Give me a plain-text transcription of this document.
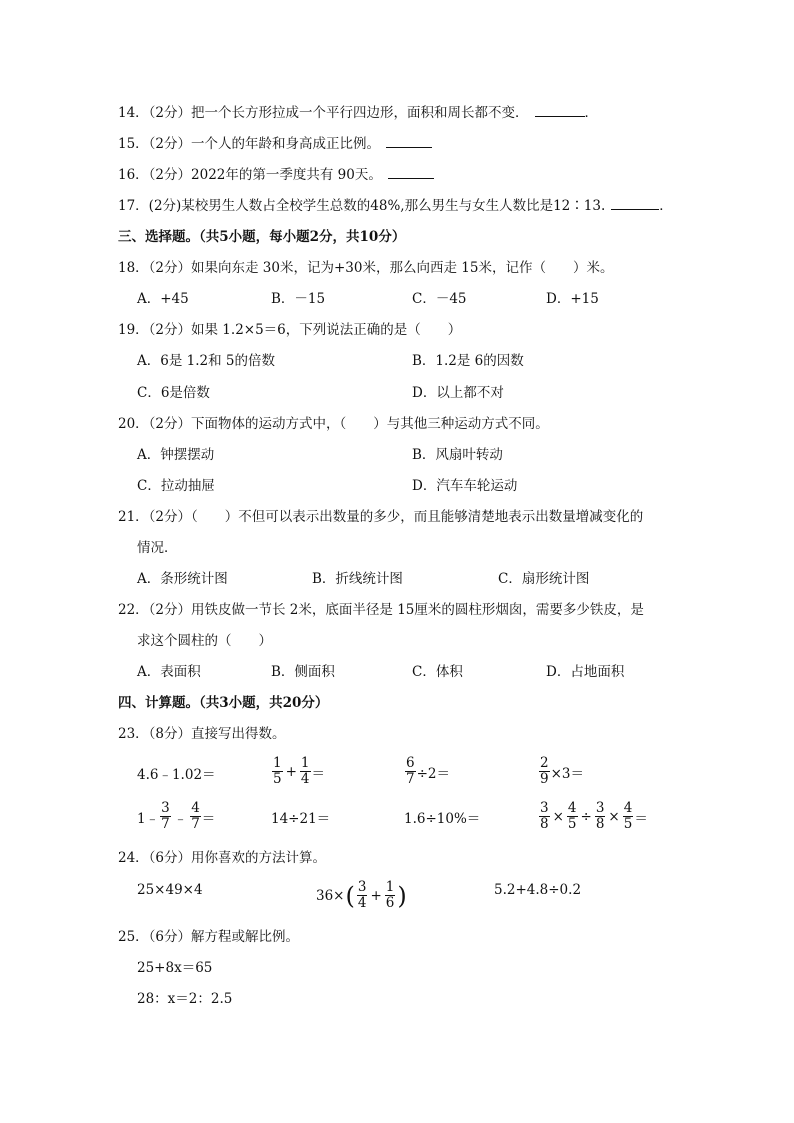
14．（2分）把一个长方形拉成一个平行四边形，面积和周长都不变．	．
15．（2分）一个人的年龄和身高成正比例。
16．（2分）2022年的第一季度共有 90天。
17．(2分)某校男生人数占全校学生总数的48%,那么男生与女生人数比是12∶13.	．
三、选择题。（共5小题，每小题2分，共10分）
18．（2分）如果向东走 30米，记为+30米，那么向西走 15米，记作（　　）米。
A．+45	B．－15	C．－45	D．+15
19．（2分）如果 1.2×5＝6，下列说法正确的是（　　）
A．6是 1.2和 5的倍数	B．1.2是 6的因数
C．6是倍数	D．以上都不对
20．（2分）下面物体的运动方式中，（　　）与其他三种运动方式不同。
A．钟摆摆动	B．风扇叶转动
C．拉动抽屉	D．汽车车轮运动
21．（2分）（　　）不但可以表示出数量的多少，而且能够清楚地表示出数量增减变化的
情况．
A．条形统计图	B．折线统计图	C．扇形统计图
22．（2分）用铁皮做一节长 2米，底面半径是 15厘米的圆柱形烟囱，需要多少铁皮，是
求这个圆柱的（　　）
A．表面积	B．侧面积	C．体积	D．占地面积
四、计算题。（共3小题，共20分）
23．（8分）直接写出得数。
4.6﹣1.02＝	$\frac{1}{5} + \frac{1}{4}$ ＝	$\frac{6}{7} \div 2=$	$\frac{2}{9} \times 3=$
1﹣ $\frac{3}{7}$ ﹣ $\frac{4}{7}$ ＝	14÷21＝	1.6÷10%＝	$\frac{3}{8} \times \frac{4}{5} \div \frac{3}{8} \times \frac{4}{5}$ ＝
24．（6分）用你喜欢的方法计算。
25×49×4	36× ( $\frac{3}{4} + \frac{1}{6}$ )	5.2+4.8÷0.2
25．（6分）解方程或解比例。
25+8x＝65
28：x＝2：2.5
